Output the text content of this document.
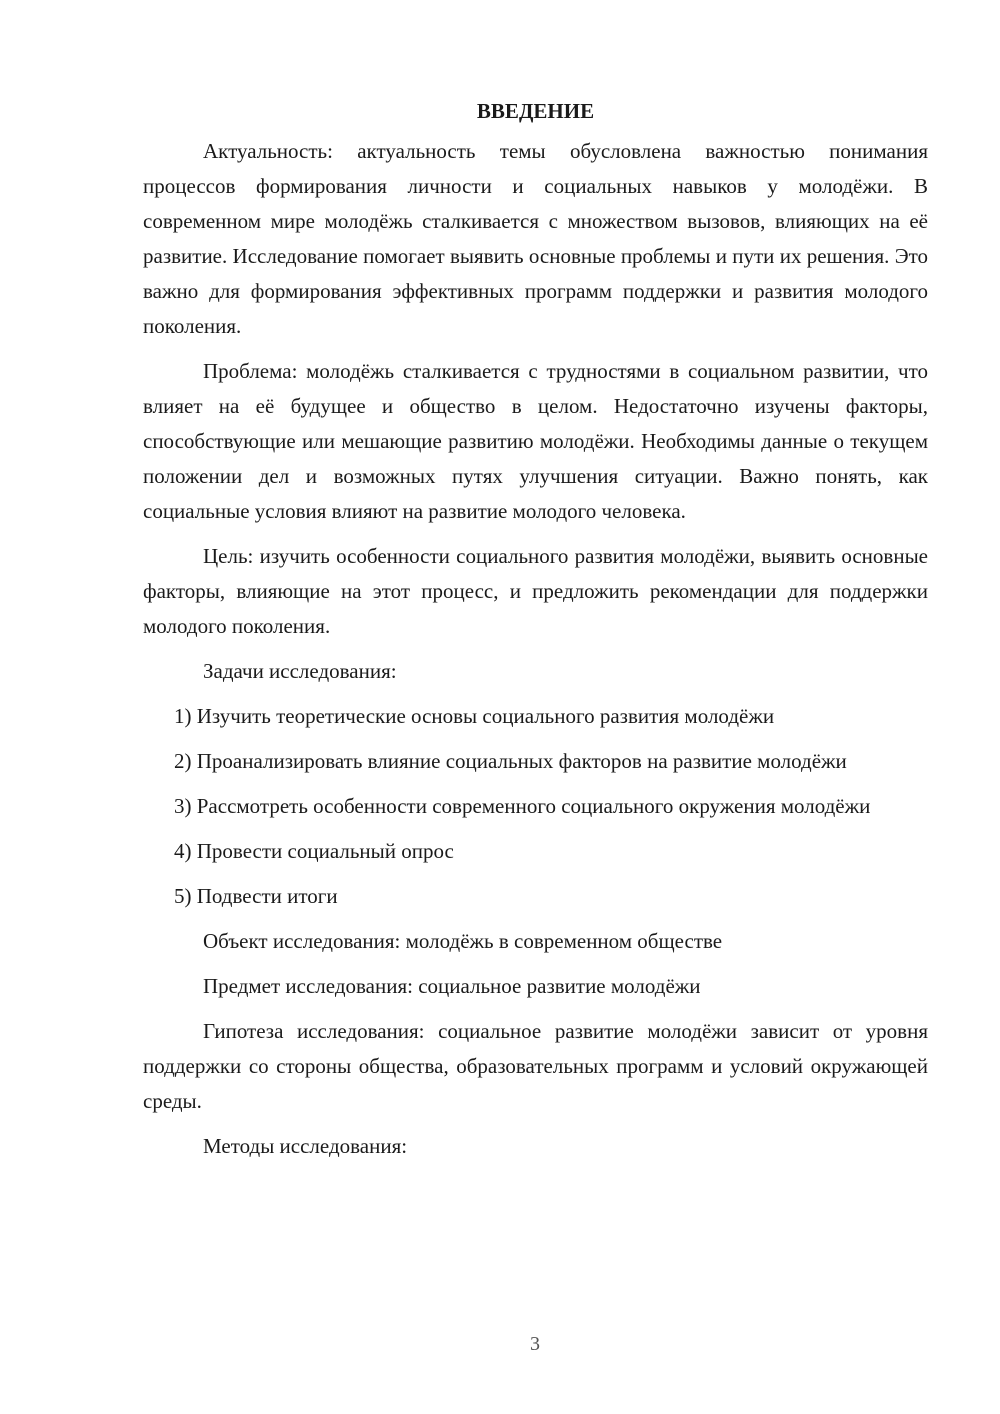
ВВЕДЕНИЕ

Актуальность: актуальность темы обусловлена важностью понимания процессов формирования личности и социальных навыков у молодёжи. В современном мире молодёжь сталкивается с множеством вызовов, влияющих на её развитие. Исследование помогает выявить основные проблемы и пути их решения. Это важно для формирования эффективных программ поддержки и развития молодого поколения.

Проблема: молодёжь сталкивается с трудностями в социальном развитии, что влияет на её будущее и общество в целом. Недостаточно изучены факторы, способствующие или мешающие развитию молодёжи. Необходимы данные о текущем положении дел и возможных путях улучшения ситуации. Важно понять, как социальные условия влияют на развитие молодого человека.

Цель: изучить особенности социального развития молодёжи, выявить основные факторы, влияющие на этот процесс, и предложить рекомендации для поддержки молодого поколения.

Задачи исследования:

1) Изучить теоретические основы социального развития молодёжи

2) Проанализировать влияние социальных факторов на развитие молодёжи

3) Рассмотреть особенности современного социального окружения молодёжи

4) Провести социальный опрос

5) Подвести итоги

Объект исследования: молодёжь в современном обществе

Предмет исследования: социальное развитие молодёжи

Гипотеза исследования: социальное развитие молодёжи зависит от уровня поддержки со стороны общества, образовательных программ и условий окружающей среды.

Методы исследования:

3
